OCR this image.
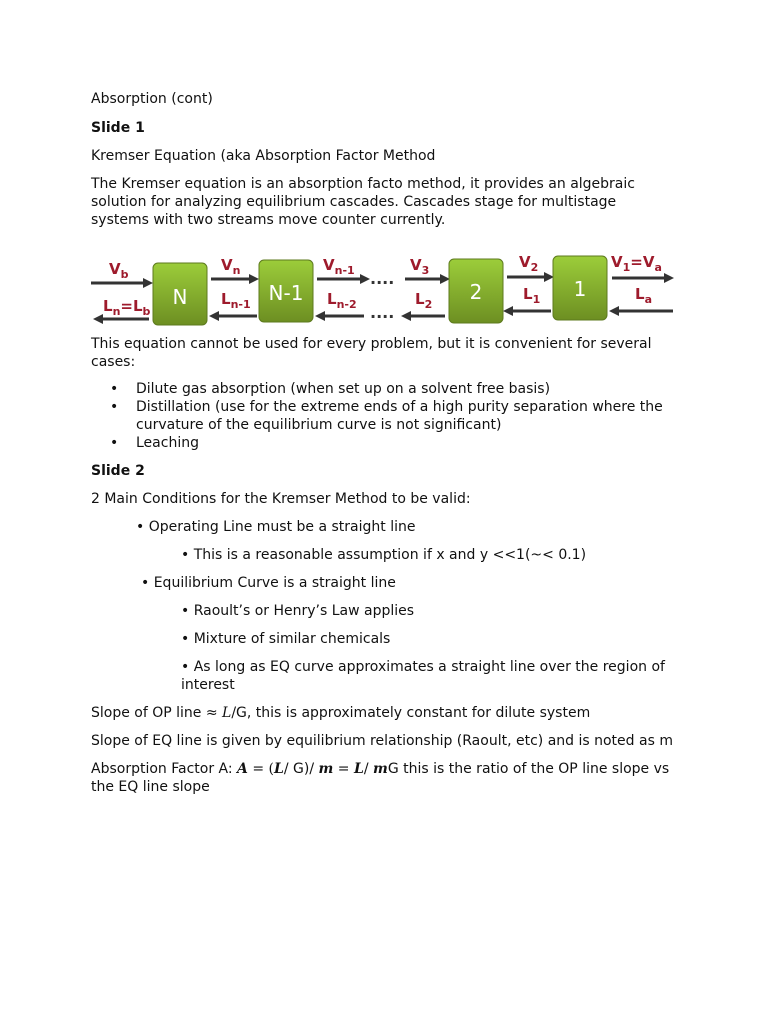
Absorption (cont)

Slide 1

Kremser Equation (aka Absorption Factor Method

The Kremser equation is an absorption facto method, it provides an algebraic solution for analyzing equilibrium cascades. Cascades stage for multistage systems with two streams move counter currently.

....
....
N	N-1	2	1
$V_b$
$V_n$	$V_{n-1}$	$V_3$	$V_2$	$V_1=V_a$
$L_n=L_b$
$L_{n-1}$	$L_{n-2}$	$L_2$
$L_1$	$L_a$

This equation cannot be used for every problem, but it is convenient for several cases:

• Dilute gas absorption (when set up on a solvent free basis)
• Distillation (use for the extreme ends of a high purity separation where the curvature of the equilibrium curve is not significant)
• Leaching

Slide 2

2 Main Conditions for the Kremser Method to be valid:

• Operating Line must be a straight line

• This is a reasonable assumption if x and y <<1(~< 0.1)

• Equilibrium Curve is a straight line

• Raoult’s or Henry’s Law applies

• Mixture of similar chemicals

• As long as EQ curve approximates a straight line over the region of interest

Slope of OP line ≈ L/G, this is approximately constant for dilute system

Slope of EQ line is given by equilibrium relationship (Raoult, etc) and is noted as m

Absorption Factor A: A = (L/ G)/ m = L/ mG this is the ratio of the OP line slope vs the EQ line slope
